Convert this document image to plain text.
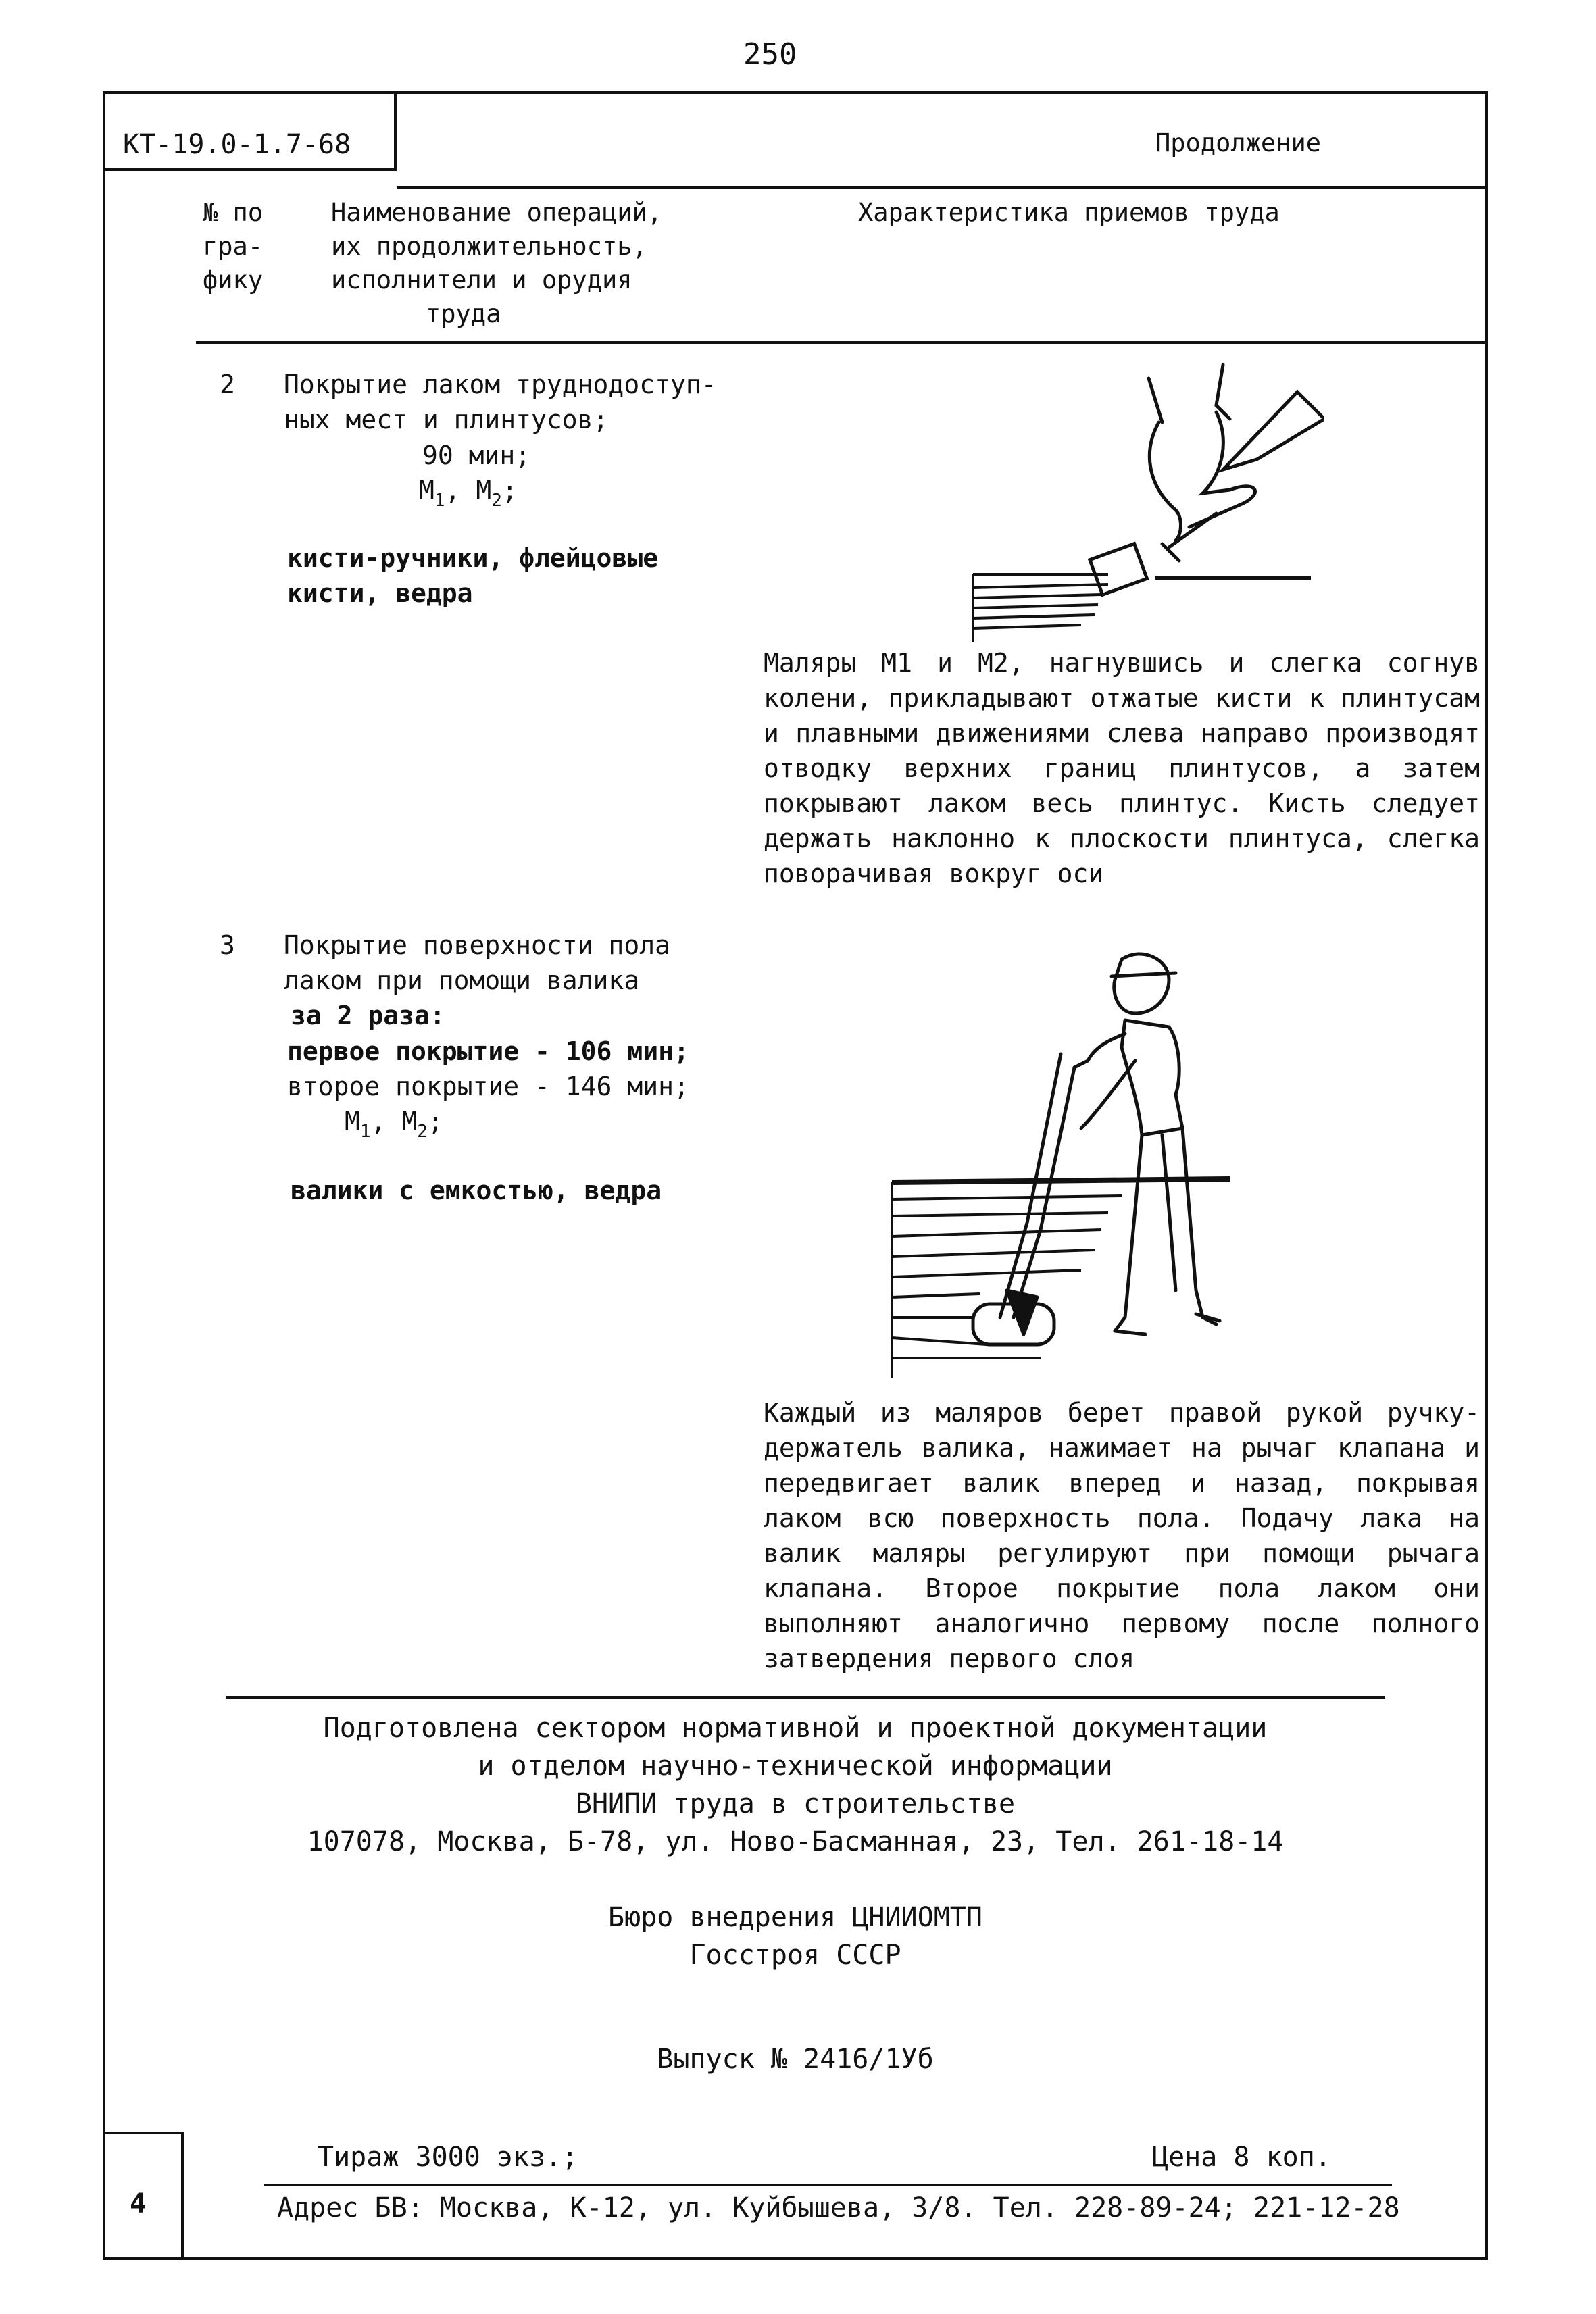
250
КТ-19.0-1.7-68	Продолжение
№ по
гра-
фику
Наименование операций,
их продолжительность,
исполнители и орудия
труда
Характеристика приемов труда
2 Покрытие лаком труднодоступ-
ных мест и плинтусов;
90 мин;
$М_1$, $М_2$;
кисти-ручники, флейцовые
кисти, ведра
Маляры М1 и М2, нагнувшись и слегка согнув колени, прикладывают отжатые кисти к плинтусам и плавными движениями слева направо производят отводку верхних границ плинтусов, а затем покрывают лаком весь плинтус. Кисть следует держать наклонно к плоскости плинтуса, слегка поворачивая вокруг оси
3 Покрытие поверхности пола
лаком при помощи валика
за 2 раза:
первое покрытие - 106 мин;
второе покрытие - 146 мин;
$М_1$, $М_2$;
валики с емкостью, ведра
Каждый из маляров берет правой рукой ручку-держатель валика, нажимает на рычаг клапана и передвигает валик вперед и назад, покрывая лаком всю поверхность пола. Подачу лака на валик маляры регулируют при помощи рычага клапана. Второе покрытие пола лаком они выполняют аналогично первому после полного затвердения первого слоя
Подготовлена сектором нормативной и проектной документации
и отделом научно-технической информации
ВНИПИ труда в строительстве
107078, Москва, Б-78, ул. Ново-Басманная, 23, Тел. 261-18-14
Бюро внедрения ЦНИИОМТП
Госстроя СССР
Выпуск № 2416/1Уб
Тираж 3000 экз.;	Цена 8 коп.
Адрес БВ: Москва, К-12, ул. Куйбышева, 3/8. Тел. 228-89-24; 221-12-28
4
